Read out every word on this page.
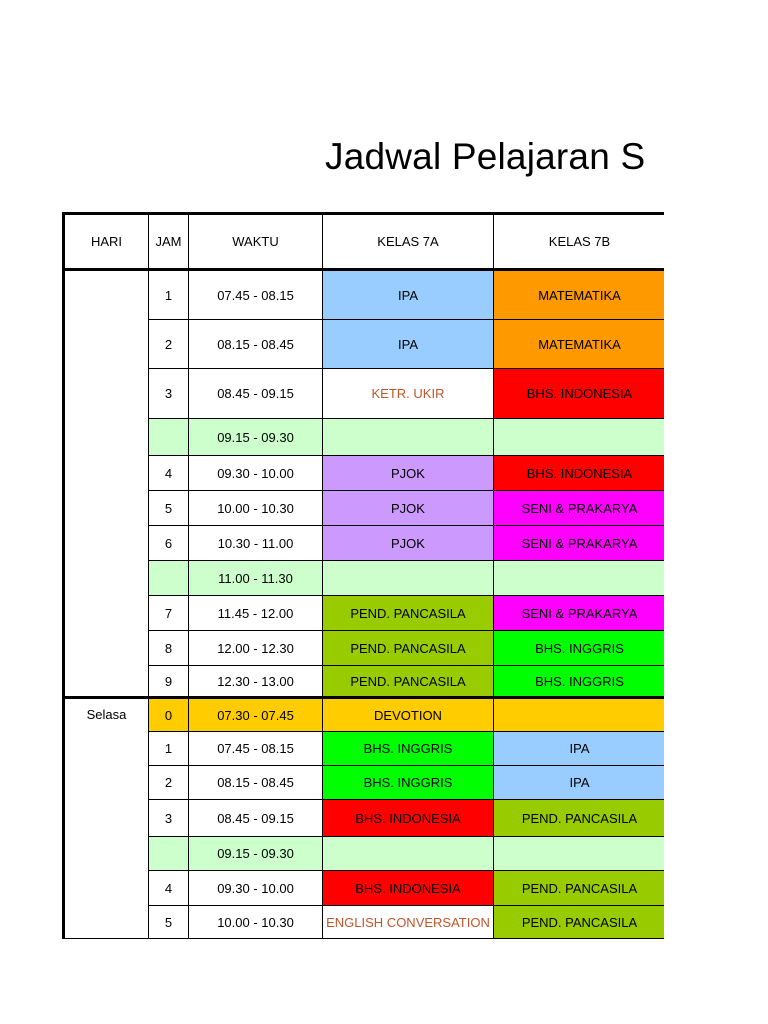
Jadwal Pelajaran S
HARI	JAM	WAKTU	KELAS 7A	KELAS 7B
	1	07.45 - 08.15	IPA	MATEMATIKA
	2	08.15 - 08.45	IPA	MATEMATIKA
	3	08.45 - 09.15	KETR. UKIR	BHS. INDONESIA
		09.15 - 09.30		
	4	09.30 - 10.00	PJOK	BHS. INDONESIA
	5	10.00 - 10.30	PJOK	SENI & PRAKARYA
	6	10.30 - 11.00	PJOK	SENI & PRAKARYA
		11.00 - 11.30		
	7	11.45 - 12.00	PEND. PANCASILA	SENI & PRAKARYA
	8	12.00 - 12.30	PEND. PANCASILA	BHS. INGGRIS
	9	12.30 - 13.00	PEND. PANCASILA	BHS. INGGRIS
Selasa	0	07.30 - 07.45	DEVOTION	
	1	07.45 - 08.15	BHS. INGGRIS	IPA
	2	08.15 - 08.45	BHS. INGGRIS	IPA
	3	08.45 - 09.15	BHS. INDONESIA	PEND. PANCASILA
		09.15 - 09.30		
	4	09.30 - 10.00	BHS. INDONESIA	PEND. PANCASILA
	5	10.00 - 10.30	ENGLISH CONVERSATION	PEND. PANCASILA
